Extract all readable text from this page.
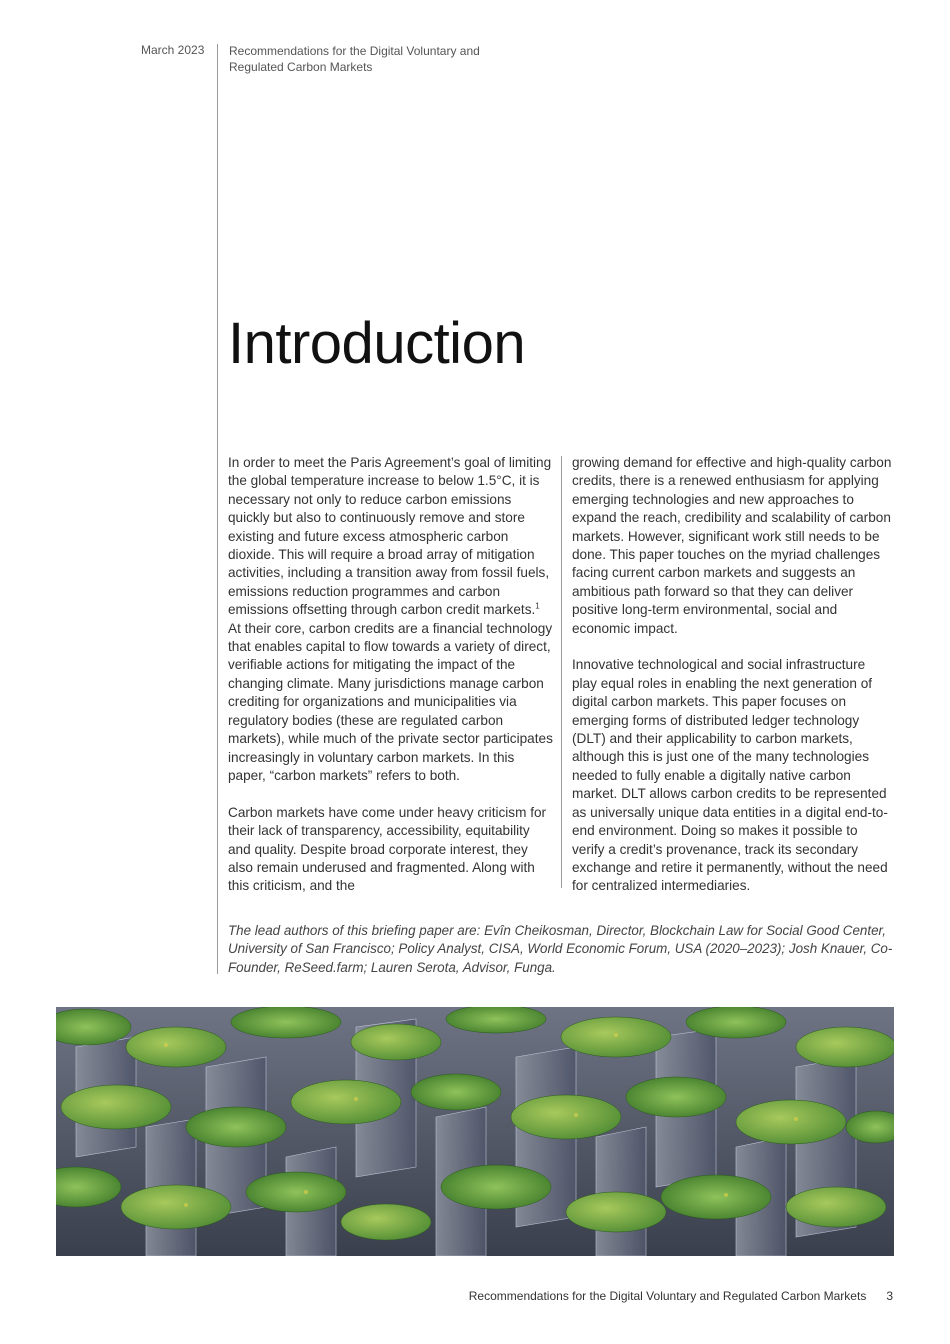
March 2023 Recommendations for the Digital Voluntary and Regulated Carbon Markets
Introduction

In order to meet the Paris Agreement’s goal of limiting the global temperature increase to below 1.5°C, it is necessary not only to reduce carbon emissions quickly but also to continuously remove and store existing and future excess atmospheric carbon dioxide. This will require a broad array of mitigation activities, including a transition away from fossil fuels, emissions reduction programmes and carbon emissions offsetting through carbon credit markets.$^1$ At their core, carbon credits are a financial technology that enables capital to flow towards a variety of direct, verifiable actions for mitigating the impact of the changing climate. Many jurisdictions manage carbon crediting for organizations and municipalities via regulatory bodies (these are regulated carbon markets), while much of the private sector participates increasingly in voluntary carbon markets. In this paper, “carbon markets” refers to both.

Carbon markets have come under heavy criticism for their lack of transparency, accessibility, equitability and quality. Despite broad corporate interest, they also remain underused and fragmented. Along with this criticism, and the

growing demand for effective and high-quality carbon credits, there is a renewed enthusiasm for applying emerging technologies and new approaches to expand the reach, credibility and scalability of carbon markets. However, significant work still needs to be done. This paper touches on the myriad challenges facing current carbon markets and suggests an ambitious path forward so that they can deliver positive long-term environmental, social and economic impact.

Innovative technological and social infrastructure play equal roles in enabling the next generation of digital carbon markets. This paper focuses on emerging forms of distributed ledger technology (DLT) and their applicability to carbon markets, although this is just one of the many technologies needed to fully enable a digitally native carbon market. DLT allows carbon credits to be represented as universally unique data entities in a digital end-to-end environment. Doing so makes it possible to verify a credit’s provenance, track its secondary exchange and retire it permanently, without the need for centralized intermediaries.

The lead authors of this briefing paper are: Evîn Cheikosman, Director, Blockchain Law for Social Good Center, University of San Francisco; Policy Analyst, CISA, World Economic Forum, USA (2020–2023); Josh Knauer, Co-Founder, ReSeed.farm; Lauren Serota, Advisor, Funga.
Recommendations for the Digital Voluntary and Regulated Carbon Markets 3
